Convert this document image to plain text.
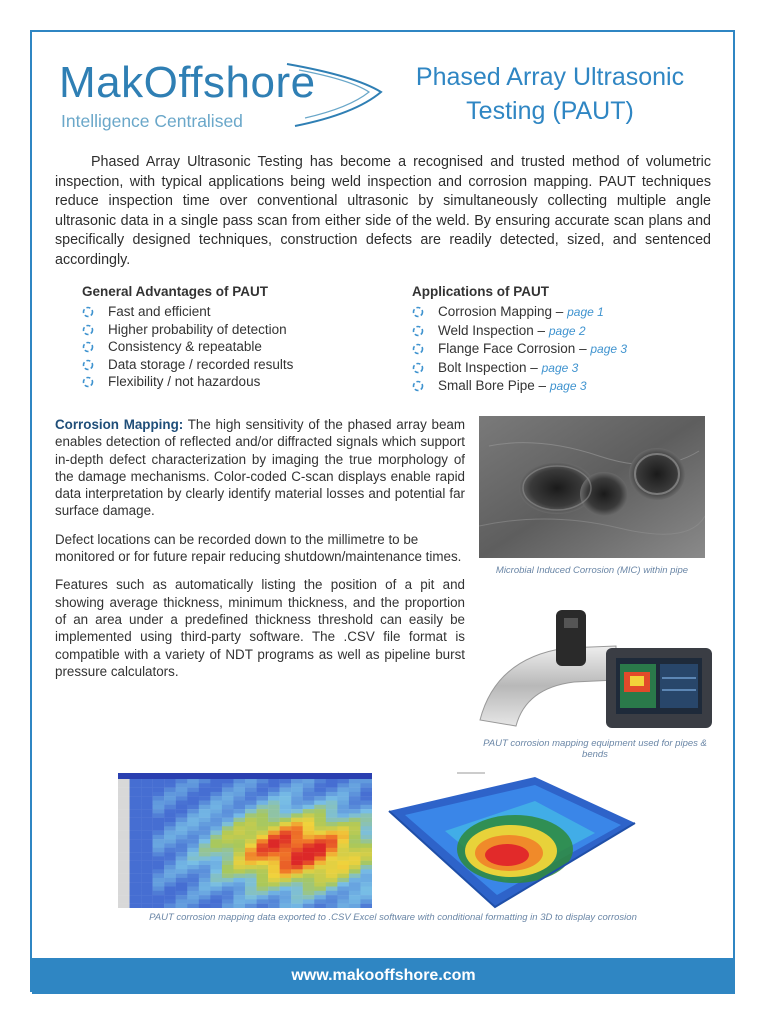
MakOffshore
Intelligence Centralised
Phased Array Ultrasonic
Testing (PAUT)

Phased Array Ultrasonic Testing has become a recognised and trusted method of volumetric inspection, with typical applications being weld inspection and corrosion mapping. PAUT techniques reduce inspection time over conventional ultrasonic by simultaneously collecting multiple angle ultrasonic data in a single pass scan from either side of the weld. By ensuring accurate scan plans and specifically designed techniques, construction defects are readily detected, sized, and sentenced accordingly.

General Advantages of PAUT
Fast and efficient
Higher probability of detection
Consistency & repeatable
Data storage / recorded results
Flexibility / not hazardous
Applications of PAUT
Corrosion Mapping – page 1
Weld Inspection – page 2
Flange Face Corrosion – page 3
Bolt Inspection – page 3
Small Bore Pipe – page 3

Corrosion Mapping: The high sensitivity of the phased array beam enables detection of reflected and/or diffracted signals which support in-depth defect characterization by imaging the true morphology of the damage mechanisms. Color-coded C-scan displays enable rapid data interpretation by clearly identify material losses and potential far surface damage.

Defect locations can be recorded down to the millimetre to be monitored or for future repair reducing shutdown/maintenance times.

Features such as automatically listing the position of a pit and showing average thickness, minimum thickness, and the proportion of an area under a predefined thickness threshold can easily be implemented using third-party software. The .CSV file format is compatible with a variety of NDT programs as well as pipeline burst pressure calculators.

Microbial Induced Corrosion (MIC) within pipe
PAUT corrosion mapping equipment used for pipes & bends
PAUT corrosion mapping data exported to .CSV Excel software with conditional formatting in 3D to display corrosion
www.makooffshore.com
